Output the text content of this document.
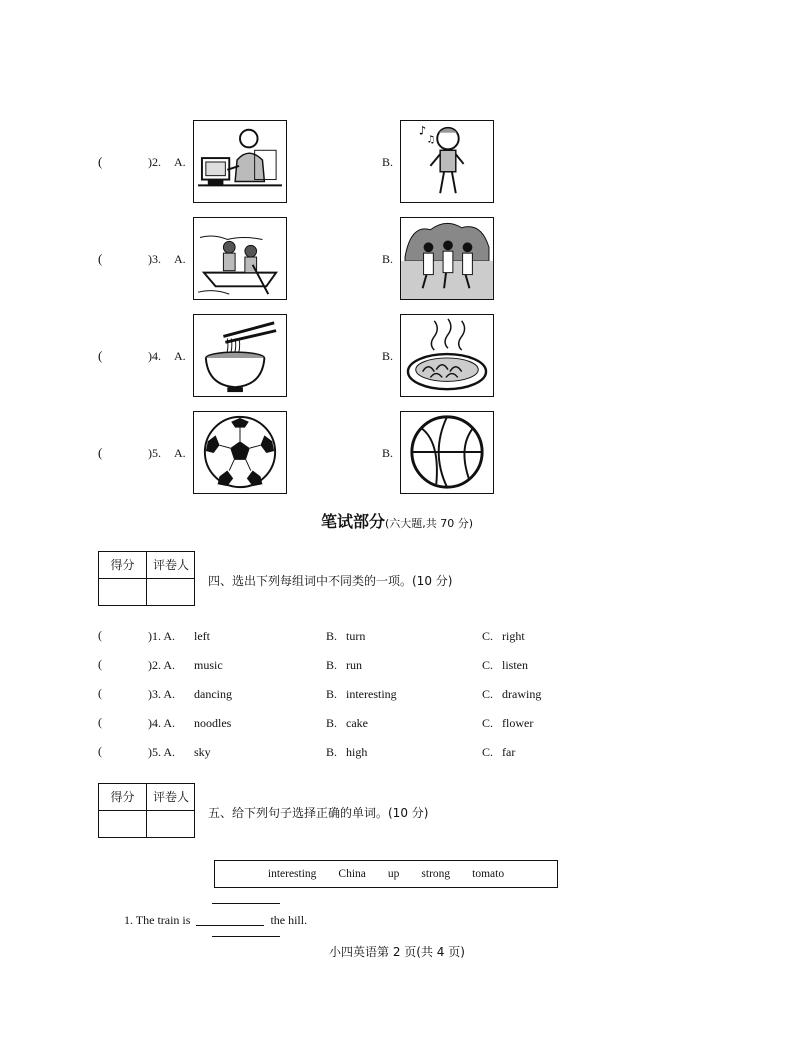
(	)2. A.	B.
♪
♫
(	)3. A.	B.
(	)4. A.	B.
(	)5. A.	B.
笔试部分(六大题,共 70 分)
得分	评卷人
四、选出下列每组词中不同类的一项。(10 分)
(	)1. A. left	B. turn	C. right
(	)2. A. music	B. run	C. listen
(	)3. A. dancing	B. interesting	C. drawing
(	)4. A. noodles	B. cake	C. flower
(	)5. A. sky	B. high	C. far
得分	评卷人
五、给下列句子选择正确的单词。(10 分)
interesting China up strong tomato
1. The train is	the hill.
小四英语第 2 页(共 4 页)
